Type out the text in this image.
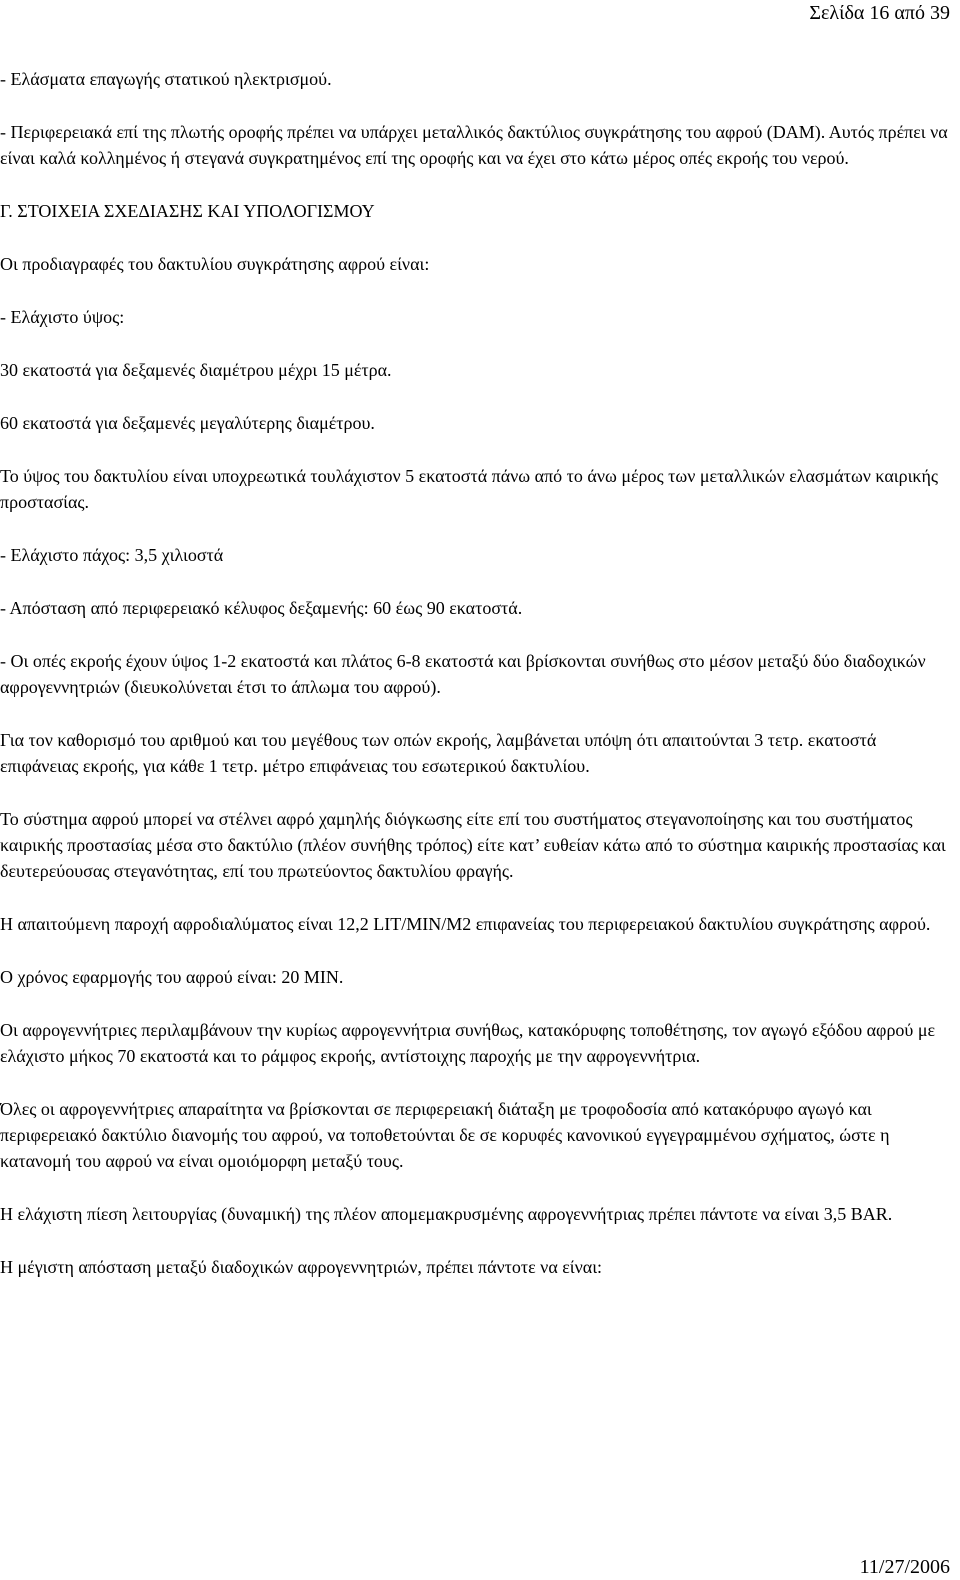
Σελίδα 16 από 39

- Ελάσματα επαγωγής στατικού ηλεκτρισμού.

- Περιφερειακά επί της πλωτής οροφής πρέπει να υπάρχει μεταλλικός δακτύλιος συγκράτησης του αφρού (DAM). Αυτός πρέπει να είναι καλά κολλημένος ή στεγανά συγκρατημένος επί της οροφής και να έχει στο κάτω μέρος οπές εκροής του νερού.

Γ. ΣΤΟΙΧΕΙΑ ΣΧΕΔΙΑΣΗΣ ΚΑΙ ΥΠΟΛΟΓΙΣΜΟΥ

Οι προδιαγραφές του δακτυλίου συγκράτησης αφρού είναι:

- Ελάχιστο ύψος:

30 εκατοστά για δεξαμενές διαμέτρου μέχρι 15 μέτρα.

60 εκατοστά για δεξαμενές μεγαλύτερης διαμέτρου.

Το ύψος του δακτυλίου είναι υποχρεωτικά τουλάχιστον 5 εκατοστά πάνω από το άνω μέρος των μεταλλικών ελασμάτων καιρικής προστασίας.

- Ελάχιστο πάχος: 3,5 χιλιοστά

- Απόσταση από περιφερειακό κέλυφος δεξαμενής: 60 έως 90 εκατοστά.

- Οι οπές εκροής έχουν ύψος 1-2 εκατοστά και πλάτος 6-8 εκατοστά και βρίσκονται συνήθως στο μέσον μεταξύ δύο διαδοχικών αφρογεννητριών (διευκολύνεται έτσι το άπλωμα του αφρού).

Για τον καθορισμό του αριθμού και του μεγέθους των οπών εκροής, λαμβάνεται υπόψη ότι απαιτούνται 3 τετρ. εκατοστά επιφάνειας εκροής, για κάθε 1 τετρ. μέτρο επιφάνειας του εσωτερικού δακτυλίου.

Το σύστημα αφρού μπορεί να στέλνει αφρό χαμηλής διόγκωσης είτε επί του συστήματος στεγανοποίησης και του συστήματος καιρικής προστασίας μέσα στο δακτύλιο (πλέον συνήθης τρόπος) είτε κατ’ ευθείαν κάτω από το σύστημα καιρικής προστασίας και δευτερεύουσας στεγανότητας, επί του πρωτεύοντος δακτυλίου φραγής.

Η απαιτούμενη παροχή αφροδιαλύματος είναι 12,2 LIT/MIN/M2 επιφανείας του περιφερειακού δακτυλίου συγκράτησης αφρού.

Ο χρόνος εφαρμογής του αφρού είναι: 20 MIN.

Οι αφρογεννήτριες περιλαμβάνουν την κυρίως αφρογεννήτρια συνήθως, κατακόρυφης τοποθέτησης, τον αγωγό εξόδου αφρού με ελάχιστο μήκος 70 εκατοστά και το ράμφος εκροής, αντίστοιχης παροχής με την αφρογεννήτρια.

Όλες οι αφρογεννήτριες απαραίτητα να βρίσκονται σε περιφερειακή διάταξη με τροφοδοσία από κατακόρυφο αγωγό και περιφερειακό δακτύλιο διανομής του αφρού, να τοποθετούνται δε σε κορυφές κανονικού εγγεγραμμένου σχήματος, ώστε η κατανομή του αφρού να είναι ομοιόμορφη μεταξύ τους.

Η ελάχιστη πίεση λειτουργίας (δυναμική) της πλέον απομεμακρυσμένης αφρογεννήτριας πρέπει πάντοτε να είναι 3,5 BAR.

Η μέγιστη απόσταση μεταξύ διαδοχικών αφρογεννητριών, πρέπει πάντοτε να είναι:

11/27/2006
